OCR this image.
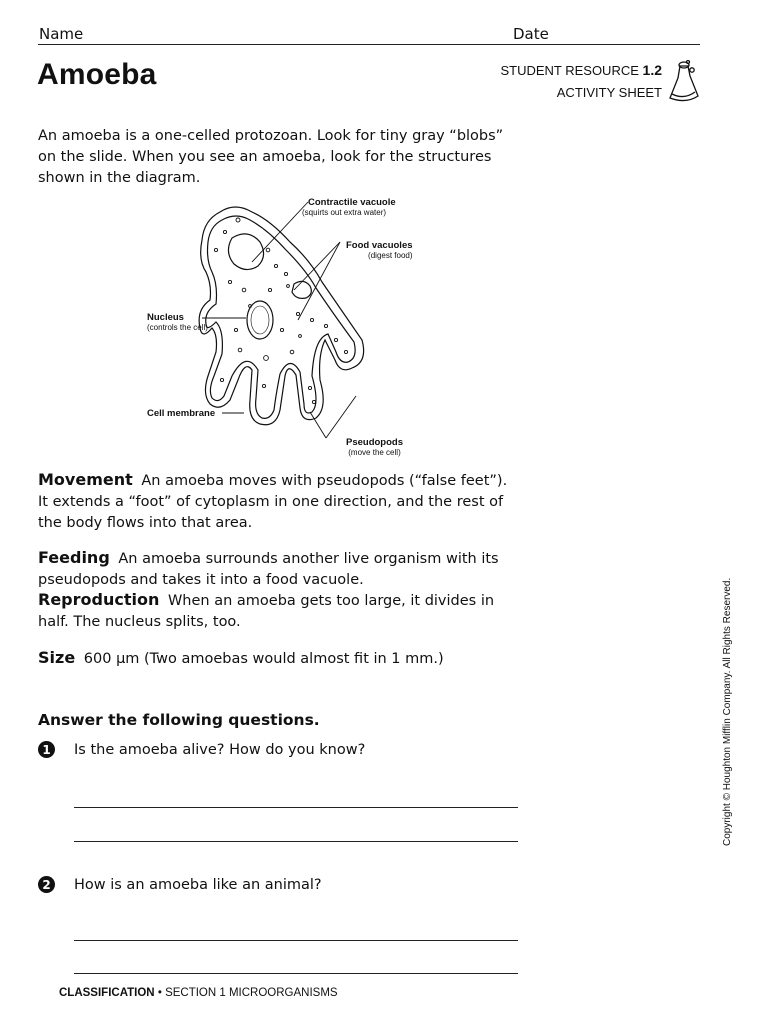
Name	Date
Amoeba	STUDENT RESOURCE 1.2
ACTIVITY SHEET
An amoeba is a one-celled protozoan. Look for tiny gray “blobs”
on the slide. When you see an amoeba, look for the structures
shown in the diagram.
Contractile vacuole
(squirts out extra water)
Food vacuoles
(digest food)
Nucleus
(controls the cell)
Cell membrane
Pseudopods
(move the cell)
Movement An amoeba moves with pseudopods (“false feet”).
It extends a “foot” of cytoplasm in one direction, and the rest of
the body flows into that area.
Feeding An amoeba surrounds another live organism with its
pseudopods and takes it into a food vacuole.
Reproduction When an amoeba gets too large, it divides in
half. The nucleus splits, too.
Size 600 µm (Two amoebas would almost fit in 1 mm.)
Answer the following questions.
1 Is the amoeba alive? How do you know?
2 How is an amoeba like an animal?
CLASSIFICATION • SECTION 1 MICROORGANISMS
Copyright © Houghton Mifflin Company. All Rights Reserved.
